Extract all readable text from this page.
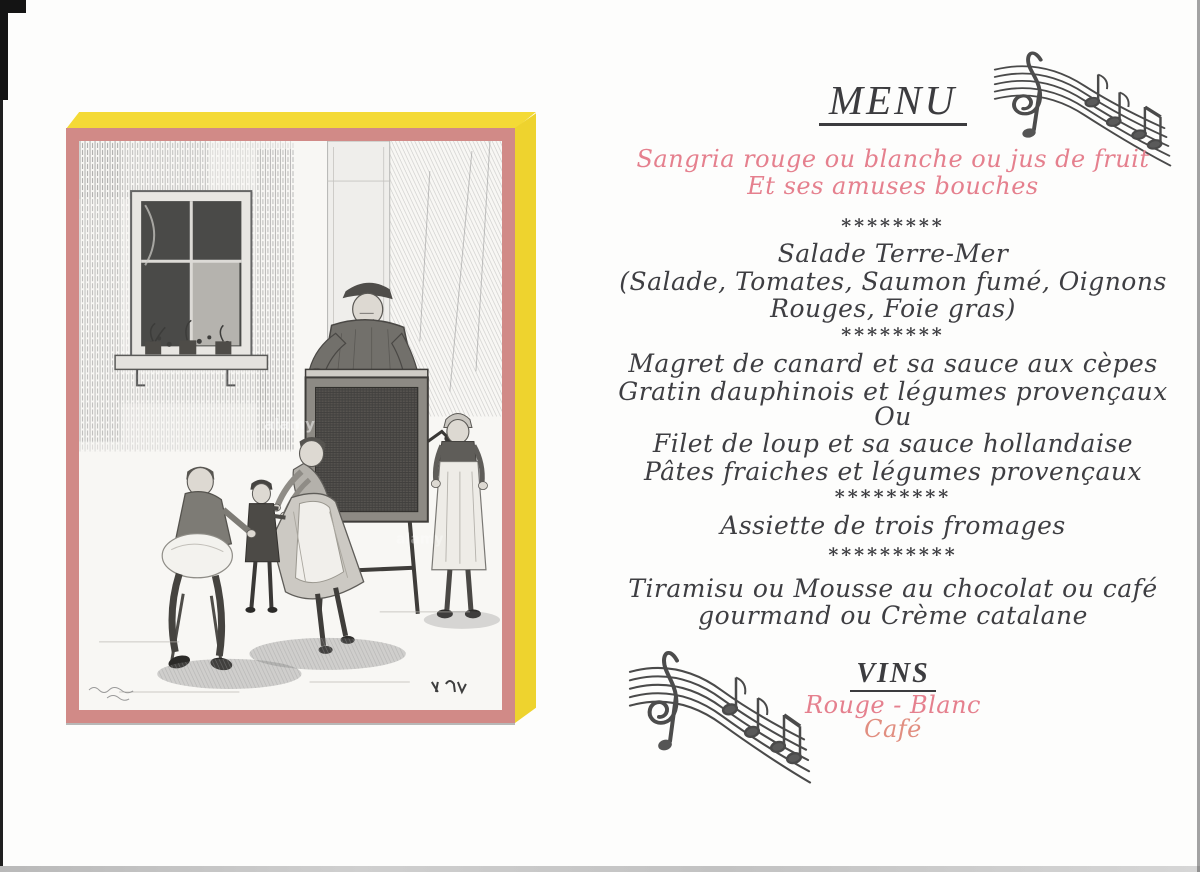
alamy
alamy
MENU
Sangria rouge ou blanche ou jus de fruit
Et ses amuses bouches
********
Salade Terre-Mer
(Salade, Tomates, Saumon fumé, Oignons
Rouges, Foie gras)
********
Magret de canard et sa sauce aux cèpes
Gratin dauphinois et légumes provençaux
Ou
Filet de loup et sa sauce hollandaise
Pâtes fraiches et légumes provençaux
*********
Assiette de trois fromages
**********
Tiramisu ou Mousse au chocolat ou café
gourmand ou Crème catalane
VINS
Rouge - Blanc
Café
